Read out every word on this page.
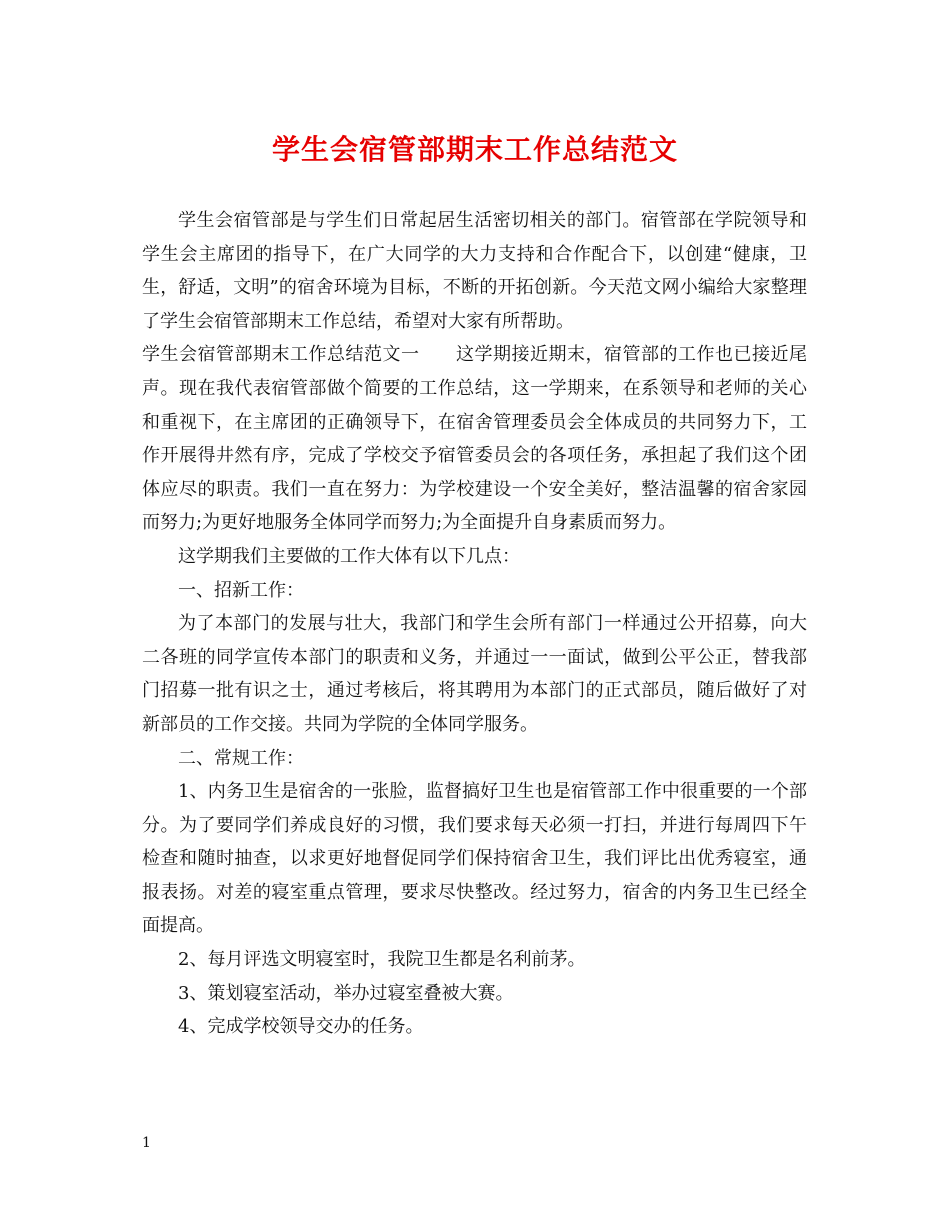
学生会宿管部期末工作总结范文

学生会宿管部是与学生们日常起居生活密切相关的部门。宿管部在学院领导和学生会主席团的指导下，在广大同学的大力支持和合作配合下，以创建“健康，卫生，舒适，文明”的宿舍环境为目标，不断的开拓创新。今天范文网小编给大家整理了学生会宿管部期末工作总结，希望对大家有所帮助。

学生会宿管部期末工作总结范文一 这学期接近期末，宿管部的工作也已接近尾声。现在我代表宿管部做个简要的工作总结，这一学期来，在系领导和老师的关心和重视下，在主席团的正确领导下，在宿舍管理委员会全体成员的共同努力下，工作开展得井然有序，完成了学校交予宿管委员会的各项任务，承担起了我们这个团体应尽的职责。我们一直在努力：为学校建设一个安全美好，整洁温馨的宿舍家园而努力;为更好地服务全体同学而努力;为全面提升自身素质而努力。

这学期我们主要做的工作大体有以下几点：

一、招新工作：

为了本部门的发展与壮大，我部门和学生会所有部门一样通过公开招募，向大二各班的同学宣传本部门的职责和义务，并通过一一面试，做到公平公正，替我部门招募一批有识之士，通过考核后，将其聘用为本部门的正式部员，随后做好了对新部员的工作交接。共同为学院的全体同学服务。

二、常规工作：

1、内务卫生是宿舍的一张脸，监督搞好卫生也是宿管部工作中很重要的一个部分。为了要同学们养成良好的习惯，我们要求每天必须一打扫，并进行每周四下午检查和随时抽查，以求更好地督促同学们保持宿舍卫生，我们评比出优秀寝室，通报表扬。对差的寝室重点管理，要求尽快整改。经过努力，宿舍的内务卫生已经全面提高。

2、每月评选文明寝室时，我院卫生都是名利前茅。

3、策划寝室活动，举办过寝室叠被大赛。

4、完成学校领导交办的任务。

1
